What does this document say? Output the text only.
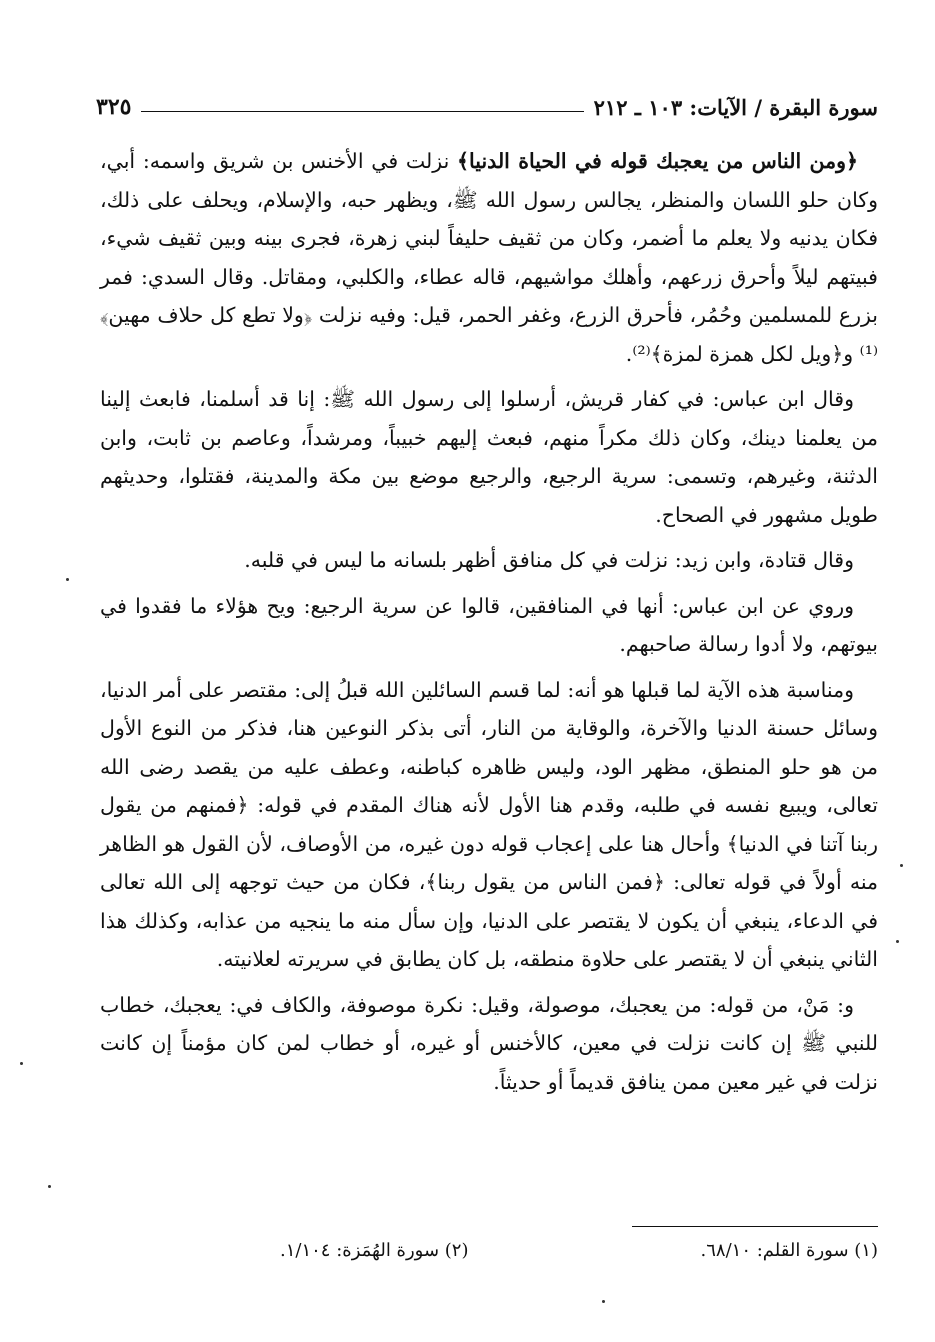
سورة البقرة / الآيات: ١٠٣ ـ ٢١٢
٣٢٥

﴿ومن الناس من يعجبك قوله في الحياة الدنيا﴾ نزلت في الأخنس بن شريق واسمه: أبي، وكان حلو اللسان والمنظر، يجالس رسول الله ﷺ، ويظهر حبه، والإسلام، ويحلف على ذلك، فكان يدنيه ولا يعلم ما أضمر، وكان من ثقيف حليفاً لبني زهرة، فجرى بينه وبين ثقيف شيء، فبيتهم ليلاً وأحرق زرعهم، وأهلك مواشيهم، قاله عطاء، والكلبي، ومقاتل. وقال السدي: فمر بزرع للمسلمين وحُمُر، فأحرق الزرع، وغفر الحمر، قيل: وفيه نزلت ﴿ولا تطع كل حلاف مهين﴾⁽¹⁾ و﴿ويل لكل همزة لمزة﴾⁽²⁾.

وقال ابن عباس: في كفار قريش، أرسلوا إلى رسول الله ﷺ: إنا قد أسلمنا، فابعث إلينا من يعلمنا دينك، وكان ذلك مكراً منهم، فبعث إليهم خبيباً، ومرشداً، وعاصم بن ثابت، وابن الدثنة، وغيرهم، وتسمى: سرية الرجيع، والرجيع موضع بين مكة والمدينة، فقتلوا، وحديثهم طويل مشهور في الصحاح.

وقال قتادة، وابن زيد: نزلت في كل منافق أظهر بلسانه ما ليس في قلبه.

وروي عن ابن عباس: أنها في المنافقين، قالوا عن سرية الرجيع: ويح هؤلاء ما فقدوا في بيوتهم، ولا أدوا رسالة صاحبهم.

ومناسبة هذه الآية لما قبلها هو أنه: لما قسم السائلين الله قبلُ إلى: مقتصر على أمر الدنيا، وسائل حسنة الدنيا والآخرة، والوقاية من النار، أتى بذكر النوعين هنا، فذكر من النوع الأول من هو حلو المنطق، مظهر الود، وليس ظاهره كباطنه، وعطف عليه من يقصد رضى الله تعالى، ويبيع نفسه في طلبه، وقدم هنا الأول لأنه هناك المقدم في قوله: ﴿فمنهم من يقول ربنا آتنا في الدنيا﴾ وأحال هنا على إعجاب قوله دون غيره، من الأوصاف، لأن القول هو الظاهر منه أولاً في قوله تعالى: ﴿فمن الناس من يقول ربنا﴾، فكان من حيث توجهه إلى الله تعالى في الدعاء، ينبغي أن يكون لا يقتصر على الدنيا، وإن سأل منه ما ينجيه من عذابه، وكذلك هذا الثاني ينبغي أن لا يقتصر على حلاوة منطقه، بل كان يطابق في سريرته لعلانيته.

و: مَنْ، من قوله: من يعجبك، موصولة، وقيل: نكرة موصوفة، والكاف في: يعجبك، خطاب للنبي ﷺ إن كانت نزلت في معين، كالأخنس أو غيره، أو خطاب لمن كان مؤمناً إن كانت نزلت في غير معين ممن ينافق قديماً أو حديثاً.

(١) سورة القلم: ٦٨/١٠.
(٢) سورة الهُمَزة: ١/١٠٤.
